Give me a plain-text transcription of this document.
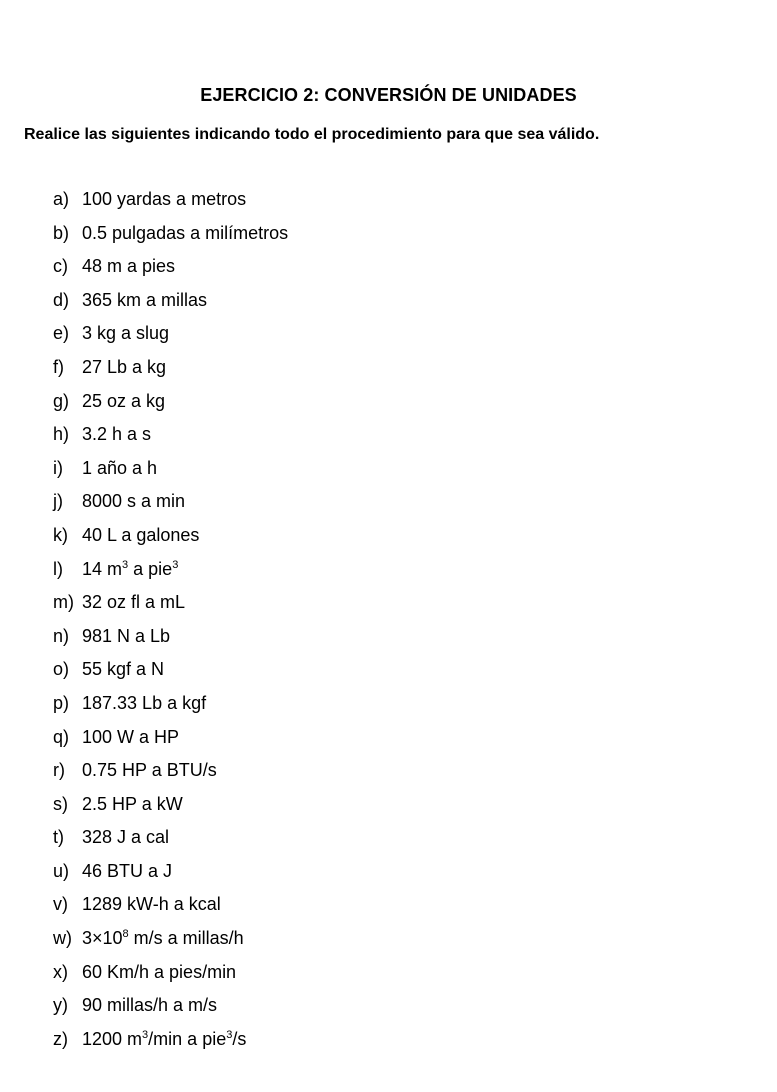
EJERCICIO 2: CONVERSIÓN DE UNIDADES
Realice las siguientes indicando todo el procedimiento para que sea válido.
a) 100 yardas a metros
b) 0.5 pulgadas a milímetros
c) 48 m a pies
d) 365 km a millas
e) 3 kg a slug
f)	27 Lb a kg
g) 25 oz a kg
h) 3.2 h a s
i)	1 año a h
j)	8000 s a min
k) 40 L a galones
l)	14 $m^3$ a pie$^3$
m) 32 oz fl a mL
n) 981 N a Lb
o) 55 kgf a N
p) 187.33 Lb a kgf
q) 100 W a HP
r) 0.75 HP a BTU/s
s) 2.5 HP a kW
t)	328 J a cal
u) 46 BTU a J
v) 1289 kW-h a kcal
w) $3\times 10^8$ m/s a millas/h
x) 60 Km/h a pies/min
y) 90 millas/h a m/s
z) 1200 $m^3/\min$ a pie$^3$/s
